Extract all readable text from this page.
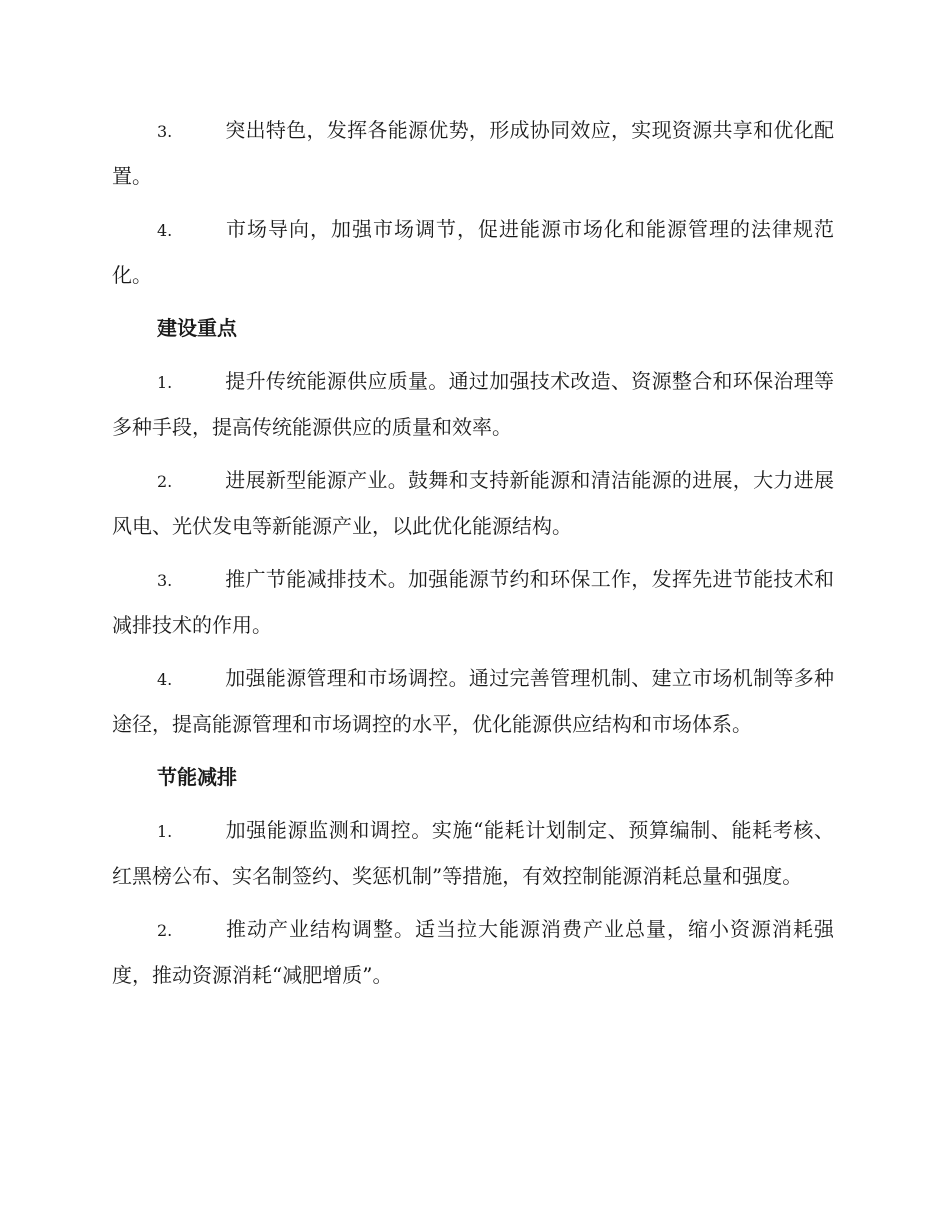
3.	突出特色，发挥各能源优势，形成协同效应，实现资源共享和优化配置。

4.	市场导向，加强市场调节，促进能源市场化和能源管理的法律规范化。

建设重点

1.	提升传统能源供应质量。通过加强技术改造、资源整合和环保治理等多种手段，提高传统能源供应的质量和效率。

2.	进展新型能源产业。鼓舞和支持新能源和清洁能源的进展，大力进展风电、光伏发电等新能源产业，以此优化能源结构。

3.	推广节能减排技术。加强能源节约和环保工作，发挥先进节能技术和减排技术的作用。

4.	加强能源管理和市场调控。通过完善管理机制、建立市场机制等多种途径，提高能源管理和市场调控的水平，优化能源供应结构和市场体系。

节能减排

1.	加强能源监测和调控。实施“能耗计划制定、预算编制、能耗考核、红黑榜公布、实名制签约、奖惩机制”等措施，有效控制能源消耗总量和强度。

2.	推动产业结构调整。适当拉大能源消费产业总量，缩小资源消耗强度，推动资源消耗“减肥增质”。
